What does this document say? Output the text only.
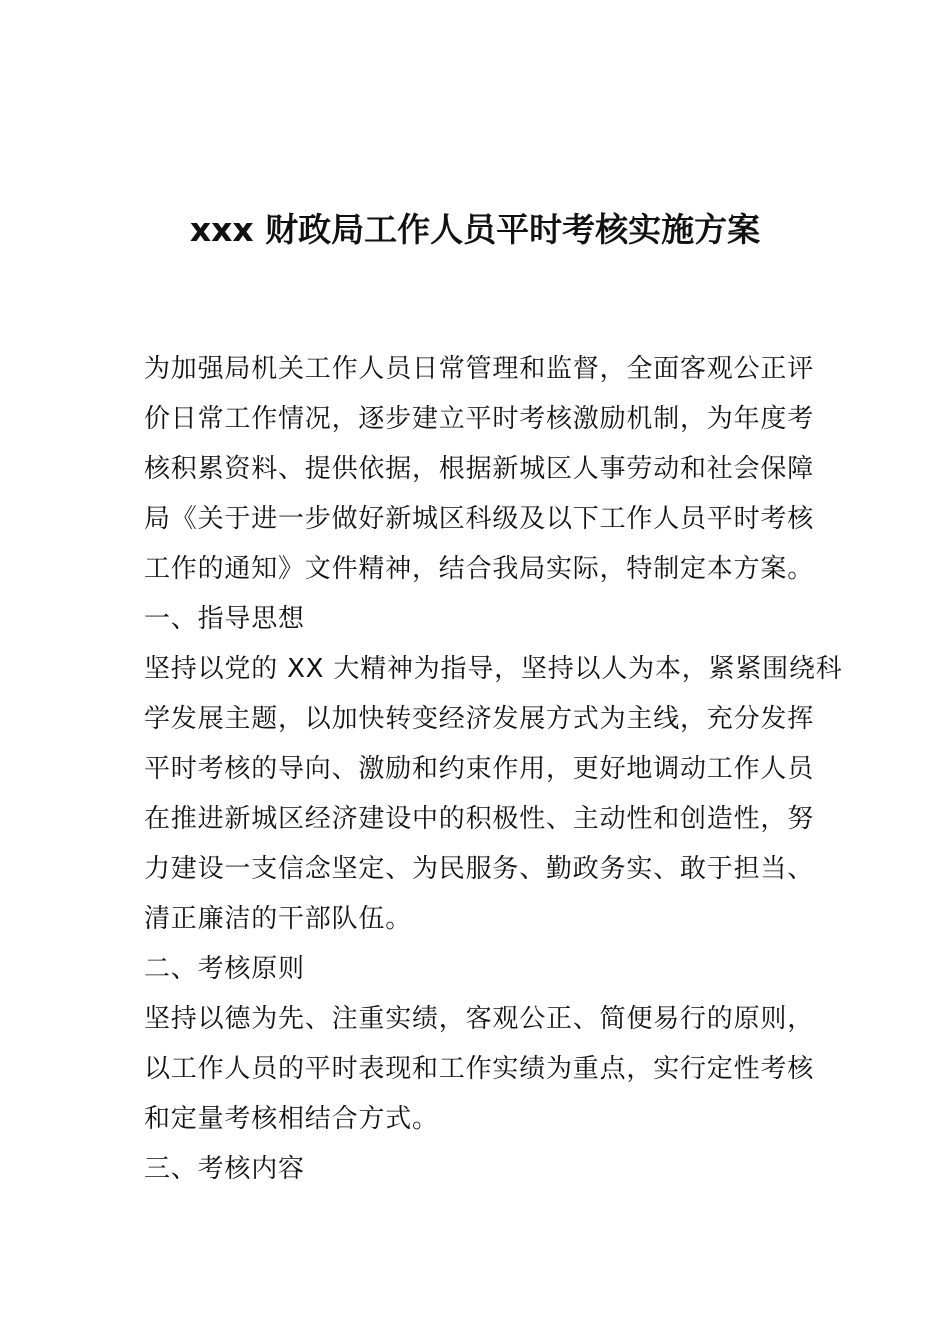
xxx 财政局工作人员平时考核实施方案
为加强局机关工作人员日常管理和监督，全面客观公正评
价日常工作情况，逐步建立平时考核激励机制，为年度考
核积累资料、提供依据，根据新城区人事劳动和社会保障
局《关于进一步做好新城区科级及以下工作人员平时考核
工作的通知》文件精神，结合我局实际，特制定本方案。
一、指导思想
坚持以党的 XX 大精神为指导，坚持以人为本，紧紧围绕科
学发展主题，以加快转变经济发展方式为主线，充分发挥
平时考核的导向、激励和约束作用，更好地调动工作人员
在推进新城区经济建设中的积极性、主动性和创造性，努
力建设一支信念坚定、为民服务、勤政务实、敢于担当、
清正廉洁的干部队伍。
二、考核原则
坚持以德为先、注重实绩，客观公正、简便易行的原则，
以工作人员的平时表现和工作实绩为重点，实行定性考核
和定量考核相结合方式。
三、考核内容
